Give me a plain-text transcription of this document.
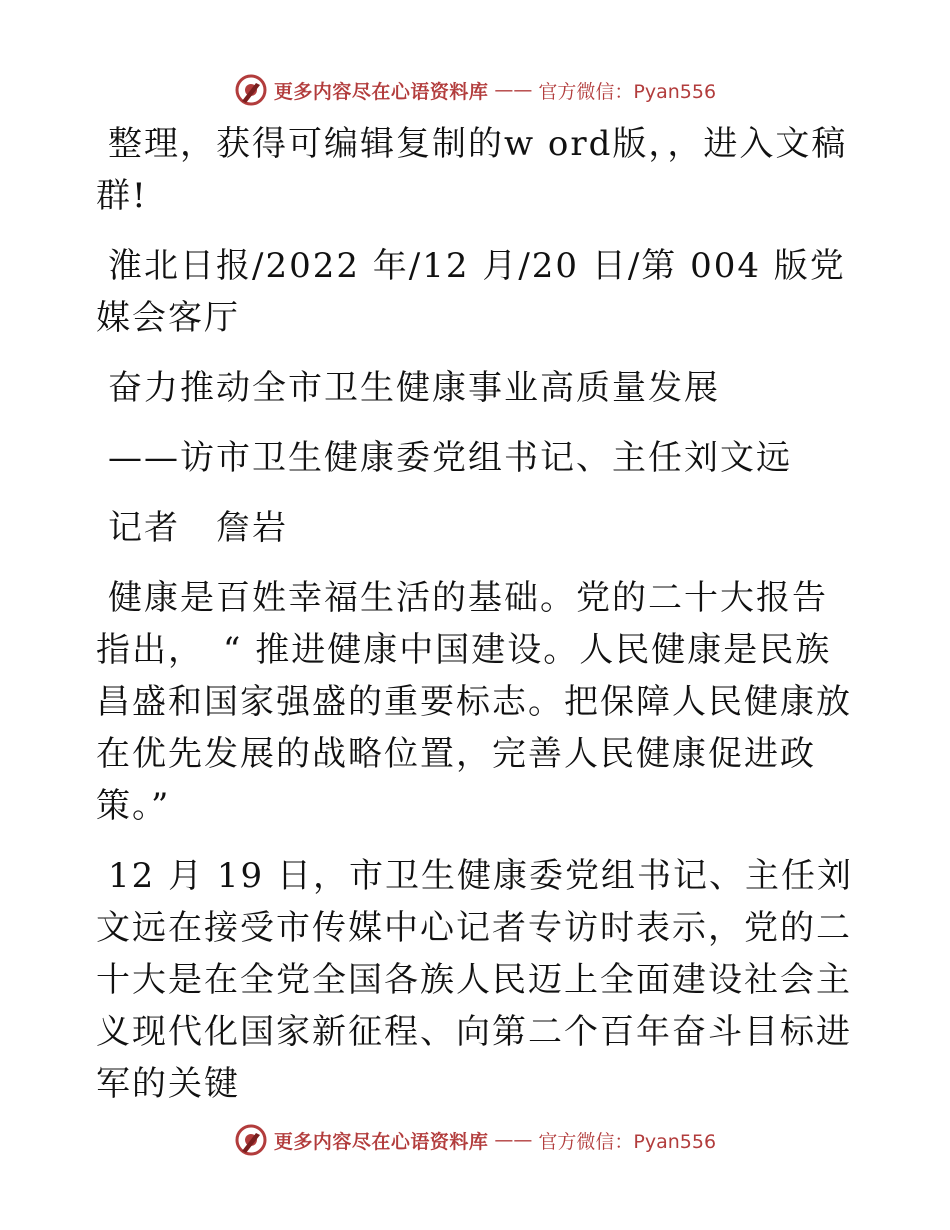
更多内容尽在心语资料库 —— 官方微信：Pyan556

整理，获得可编辑复制的w ord版，，进入文稿群!

淮北日报/2022 年/12 月/20 日/第 004 版党媒会客厅

奋力推动全市卫生健康事业高质量发展

——访市卫生健康委党组书记、主任刘文远

记者　詹岩

健康是百姓幸福生活的基础。党的二十大报告指出，　“ 推进健康中国建设。人民健康是民族昌盛和国家强盛的重要标志。把保障人民健康放在优先发展的战略位置，完善人民健康促进政策。”

12 月 19 日，市卫生健康委党组书记、主任刘文远在接受市传媒中心记者专访时表示，党的二十大是在全党全国各族人民迈上全面建设社会主义现代化国家新征程、向第二个百年奋斗目标进军的关键

更多内容尽在心语资料库 —— 官方微信：Pyan556
